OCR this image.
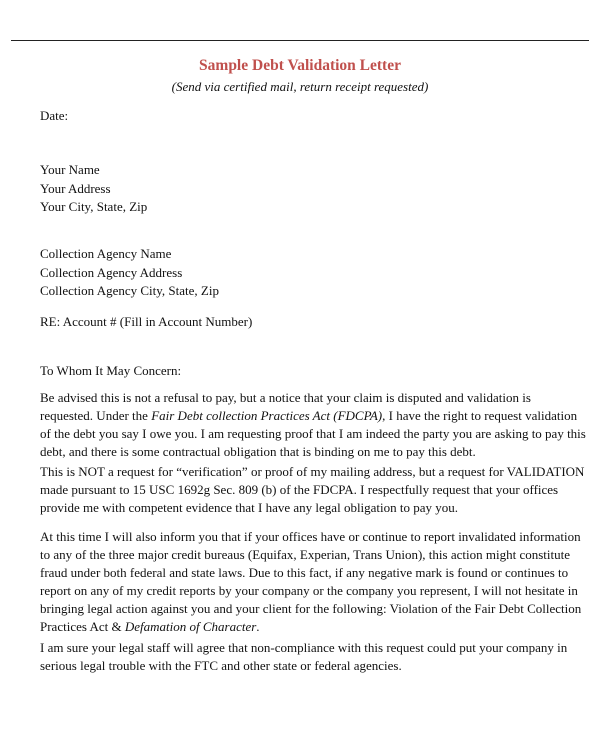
Sample Debt Validation Letter
(Send via certified mail, return receipt requested)
Date:
Your Name
Your Address
Your City, State, Zip
Collection Agency Name
Collection Agency Address
Collection Agency City, State, Zip
RE: Account # (Fill in Account Number)
To Whom It May Concern:
Be advised this is not a refusal to pay, but a notice that your claim is disputed and validation is
requested. Under the Fair Debt collection Practices Act (FDCPA), I have the right to request validation
of the debt you say I owe you. I am requesting proof that I am indeed the party you are asking to pay this
debt, and there is some contractual obligation that is binding on me to pay this debt.
This is NOT a request for “verification” or proof of my mailing address, but a request for VALIDATION
made pursuant to 15 USC 1692g Sec. 809 (b) of the FDCPA. I respectfully request that your offices
provide me with competent evidence that I have any legal obligation to pay you.
At this time I will also inform you that if your offices have or continue to report invalidated information
to any of the three major credit bureaus (Equifax, Experian, Trans Union), this action might constitute
fraud under both federal and state laws. Due to this fact, if any negative mark is found or continues to
report on any of my credit reports by your company or the company you represent, I will not hesitate in
bringing legal action against you and your client for the following: Violation of the Fair Debt Collection
Practices Act & Defamation of Character.
I am sure your legal staff will agree that non-compliance with this request could put your company in
serious legal trouble with the FTC and other state or federal agencies.
